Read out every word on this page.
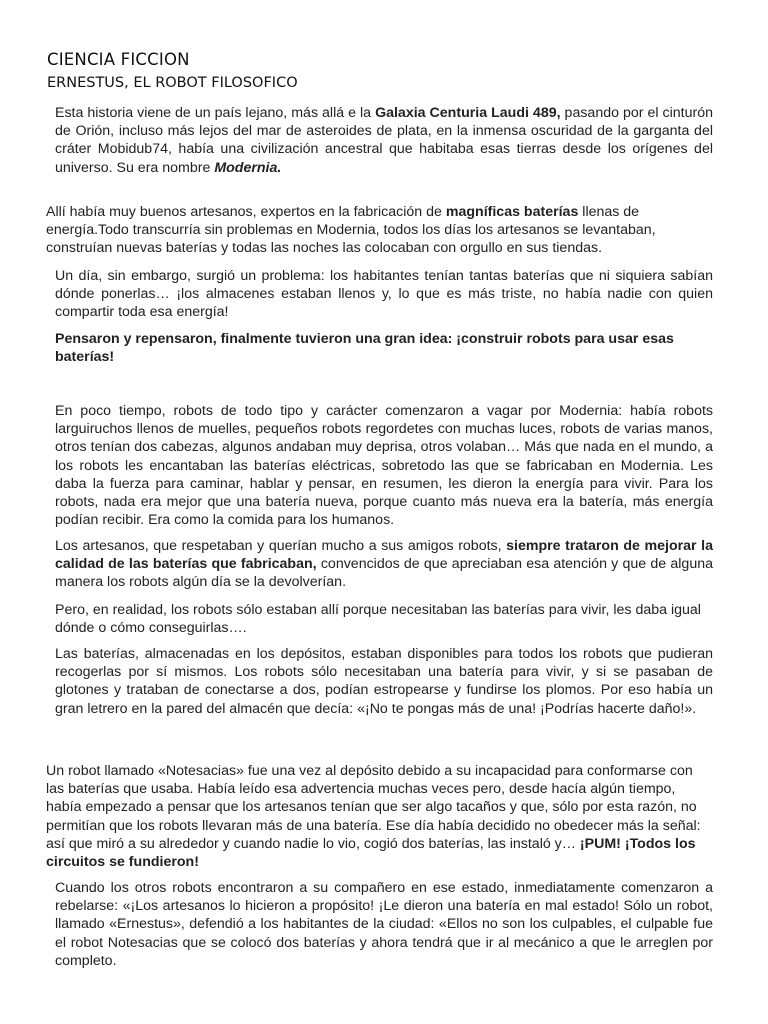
CIENCIA FICCION
ERNESTUS, EL ROBOT FILOSOFICO

Esta historia viene de un país lejano, más allá e la Galaxia Centuria Laudi 489, pasando por el cinturón de Orión, incluso más lejos del mar de asteroides de plata, en la inmensa oscuridad de la garganta del cráter Mobidub74, había una civilización ancestral que habitaba esas tierras desde los orígenes del universo. Su era nombre Modernia.

Allí había muy buenos artesanos, expertos en la fabricación de magníficas baterías llenas de energía.Todo transcurría sin problemas en Modernia, todos los días los artesanos se levantaban, construían nuevas baterías y todas las noches las colocaban con orgullo en sus tiendas.

Un día, sin embargo, surgió un problema: los habitantes tenían tantas baterías que ni siquiera sabían dónde ponerlas… ¡los almacenes estaban llenos y, lo que es más triste, no había nadie con quien compartir toda esa energía!

Pensaron y repensaron, finalmente tuvieron una gran idea: ¡construir robots para usar esas baterías!

En poco tiempo, robots de todo tipo y carácter comenzaron a vagar por Modernia: había robots larguiruchos llenos de muelles, pequeños robots regordetes con muchas luces, robots de varias manos, otros tenían dos cabezas, algunos andaban muy deprisa, otros volaban… Más que nada en el mundo, a los robots les encantaban las baterías eléctricas, sobretodo las que se fabricaban en Modernia. Les daba la fuerza para caminar, hablar y pensar, en resumen, les dieron la energía para vivir. Para los robots, nada era mejor que una batería nueva, porque cuanto más nueva era la batería, más energía podían recibir. Era como la comida para los humanos.

Los artesanos, que respetaban y querían mucho a sus amigos robots, siempre trataron de mejorar la calidad de las baterías que fabricaban, convencidos de que apreciaban esa atención y que de alguna manera los robots algún día se la devolverían.

Pero, en realidad, los robots sólo estaban allí porque necesitaban las baterías para vivir, les daba igual dónde o cómo conseguirlas….

Las baterías, almacenadas en los depósitos, estaban disponibles para todos los robots que pudieran recogerlas por sí mismos. Los robots sólo necesitaban una batería para vivir, y si se pasaban de glotones y trataban de conectarse a dos, podían estropearse y fundirse los plomos. Por eso había un gran letrero en la pared del almacén que decía: «¡No te pongas más de una! ¡Podrías hacerte daño!».

Un robot llamado «Notesacias» fue una vez al depósito debido a su incapacidad para conformarse con las baterías que usaba. Había leído esa advertencia muchas veces pero, desde hacía algún tiempo, había empezado a pensar que los artesanos tenían que ser algo tacaños y que, sólo por esta razón, no permitían que los robots llevaran más de una batería. Ese día había decidido no obedecer más la señal: así que miró a su alrededor y cuando nadie lo vio, cogió dos baterías, las instaló y… ¡PUM! ¡Todos los circuitos se fundieron!

Cuando los otros robots encontraron a su compañero en ese estado, inmediatamente comenzaron a rebelarse: «¡Los artesanos lo hicieron a propósito! ¡Le dieron una batería en mal estado! Sólo un robot, llamado «Ernestus», defendió a los habitantes de la ciudad: «Ellos no son los culpables, el culpable fue el robot Notesacias que se colocó dos baterías y ahora tendrá que ir al mecánico a que le arreglen por completo.
